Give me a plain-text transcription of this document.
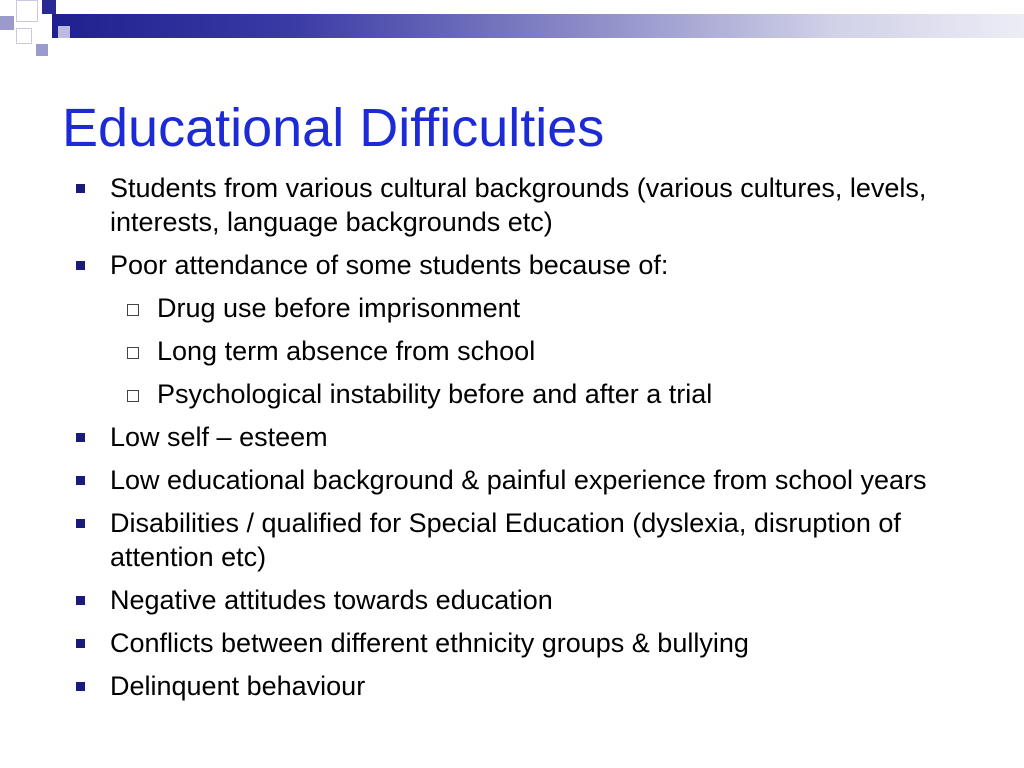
Educational Difficulties
Students from various cultural backgrounds (various cultures, levels, interests, language backgrounds etc)
Poor attendance of some students because of:
Drug use before imprisonment
Long term absence from school
Psychological instability before and after a trial
Low self – esteem
Low educational background & painful experience from school years
Disabilities / qualified for Special Education (dyslexia, disruption of attention etc)
Negative attitudes towards education
Conflicts between different ethnicity groups & bullying
Delinquent behaviour
